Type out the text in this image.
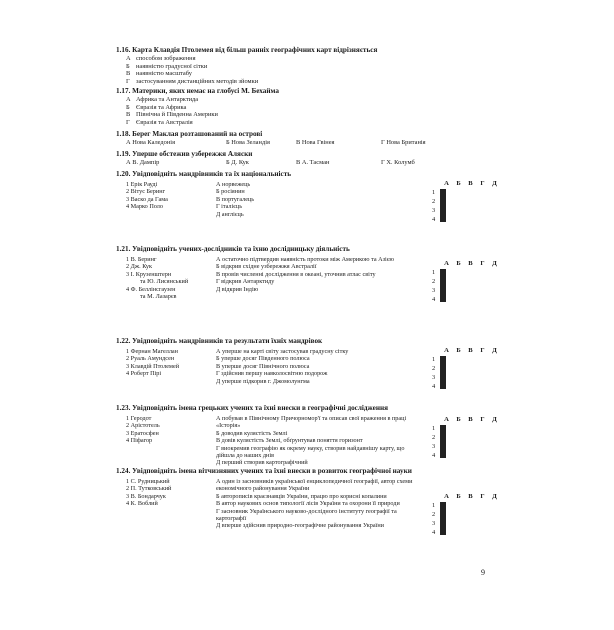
1.16. Карта Клавдія Птолемея від більш ранніх географічних карт відрізняється
А способом зображення
Б наявністю градусної сітки
В наявністю масштабу
Г застосуванням дистанційних методів зйомки
1.17. Материки, яких немає на глобусі М. Бехайма
А Африка та Антарктида
Б Євразія та Африка
В Північна й Південна Америки
Г Євразія та Австралія
1.18. Берег Маклая розташований на острові
А Нова Каледонія	Б Нова Зеландія	В Нова Гвінея	Г Нова Британія
1.19. Уперше обстежив узбережжя Аляски
А В. Дампір	Б Д. Кук	В А. Тасман	Г Х. Колумб
1.20. Увідповідніть мандрівників та їх національність
1 Ерік Рауді
2 Вітус Беринг
3 Васко да Гама
4 Марко Поло
А норвежець
Б росіянин
В португалець
Г італієць
Д англієць
А	Б	В	Г	Д
1
2
3
4

1.21. Увідповідніть учених-дослідників та їхню дослідницьку діяльність
1 В. Беринг
2 Дж. Кук
3 І. Крузенштерн
та Ю. Лисянський
4 Ф. Беллінсгаузен
та М. Лазарєв
А остаточно підтвердив наявність протоки між Америкою та Азією
Б відкрив східне узбережжя Австралії
В провів численні дослідження в океані, уточнив атлас світу
Г відкрив Антарктиду
Д відкрив Індію
А	Б	В	Г	Д
1
2
3
4

1.22. Увідповідніть мандрівників та результати їхніх мандрівок
1 Фернан Магеллан
2 Руаль Амундсен
3 Клавдій Птолемей
4 Роберт Пірі
А уперше на карті світу застосував градусну сітку
Б уперше досяг Південного полюса
В уперше досяг Північного полюса
Г здійснив першу навколосвітню подорож
Д уперше підкорив г. Джомолунгма
А	Б	В	Г	Д
1
2
3
4

1.23. Увідповідніть імена грецьких учених та їхні внески в географічні дослідження
1 Геродот
2 Арістотель
3 Ератосфен
4 Піфагор
А побував в Північному Причорномор'ї та описав свої враження в праці «Історія»
Б доводив кулястість Землі
В довів кулястість Землі, обґрунтував поняття горизонт
Г виокремив географію як окрему науку, створив найдавнішу карту, що дійшла до наших днів
Д перший створив картографічний
А	Б	В	Г	Д
1
2
3
4

1.24. Увідповідніть імена вітчизняних учених та їхні внески в розвиток географічної науки
1 С. Рудницький
2 П. Тутковський
3 В. Бондарчук
4 К. Воблий
А один із засновників української енциклопедичної географії, автор схеми економічного районування України
Б авторописів краєзнавців України, працю про корисні копалини
В автор наукових основ типології лісів України та охорони її природи
Г засновник Українського науково-дослідного інституту географії та картографії
Д вперше здійснив природно-географічне районування України
А	Б	В	Г	Д
1
2
3
4

9
